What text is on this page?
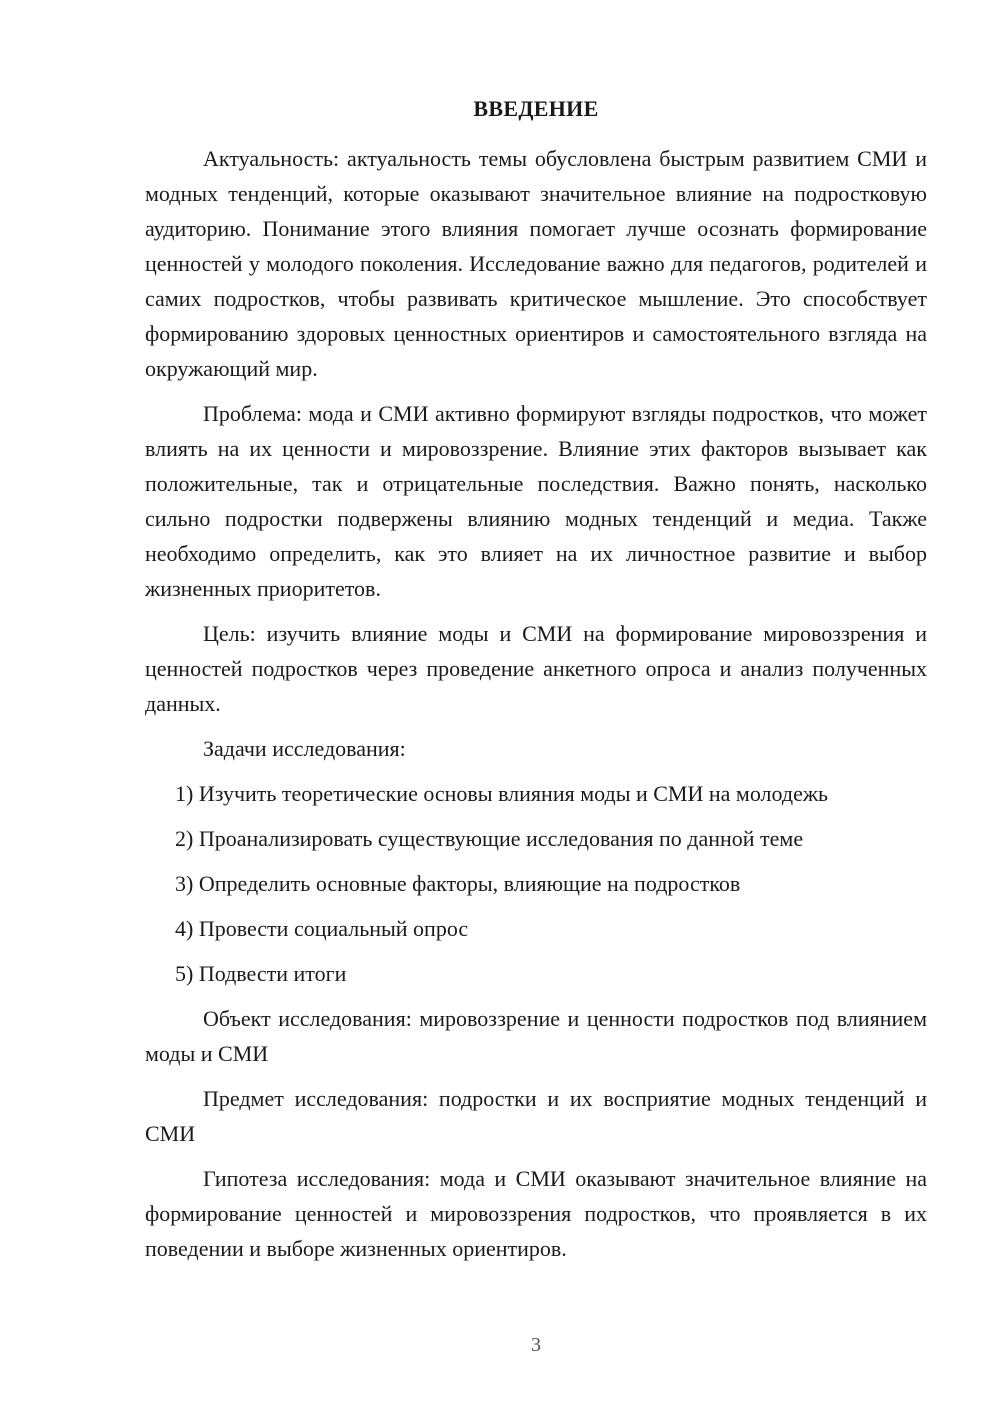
ВВЕДЕНИЕ

Актуальность: актуальность темы обусловлена быстрым развитием СМИ и модных тенденций, которые оказывают значительное влияние на подростковую аудиторию. Понимание этого влияния помогает лучше осознать формирование ценностей у молодого поколения. Исследование важно для педагогов, родителей и самих подростков, чтобы развивать критическое мышление. Это способствует формированию здоровых ценностных ориентиров и самостоятельного взгляда на окружающий мир.

Проблема: мода и СМИ активно формируют взгляды подростков, что может влиять на их ценности и мировоззрение. Влияние этих факторов вызывает как положительные, так и отрицательные последствия. Важно понять, насколько сильно подростки подвержены влиянию модных тенденций и медиа. Также необходимо определить, как это влияет на их личностное развитие и выбор жизненных приоритетов.

Цель: изучить влияние моды и СМИ на формирование мировоззрения и ценностей подростков через проведение анкетного опроса и анализ полученных данных.

Задачи исследования:

1) Изучить теоретические основы влияния моды и СМИ на молодежь

2) Проанализировать существующие исследования по данной теме

3) Определить основные факторы, влияющие на подростков

4) Провести социальный опрос

5) Подвести итоги

Объект исследования: мировоззрение и ценности подростков под влиянием моды и СМИ

Предмет исследования: подростки и их восприятие модных тенденций и СМИ

Гипотеза исследования: мода и СМИ оказывают значительное влияние на формирование ценностей и мировоззрения подростков, что проявляется в их поведении и выборе жизненных ориентиров.

3
